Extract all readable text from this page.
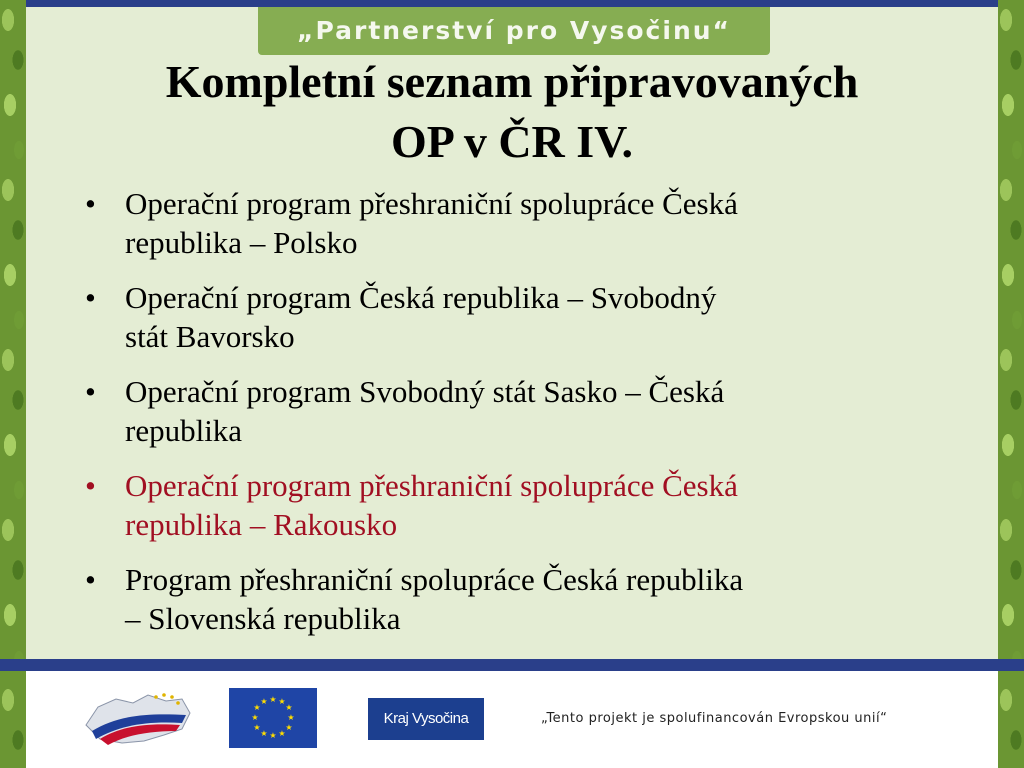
„Partnerství pro Vysočinu“
Kompletní seznam připravovaných
OP v ČR IV.
• Operační program přeshraniční spolupráce Česká
republika – Polsko
• Operační program Česká republika – Svobodný
stát Bavorsko
• Operační program Svobodný stát Sasko – Česká
republika
• Operační program přeshraniční spolupráce Česká
republika – Rakousko
• Program přeshraniční spolupráce Česká republika
– Slovenská republika
★ ★
★
★
★
★
★
★
★
★
★
★
Kraj Vysočina	„Tento projekt je spolufinancován Evropskou unií“
